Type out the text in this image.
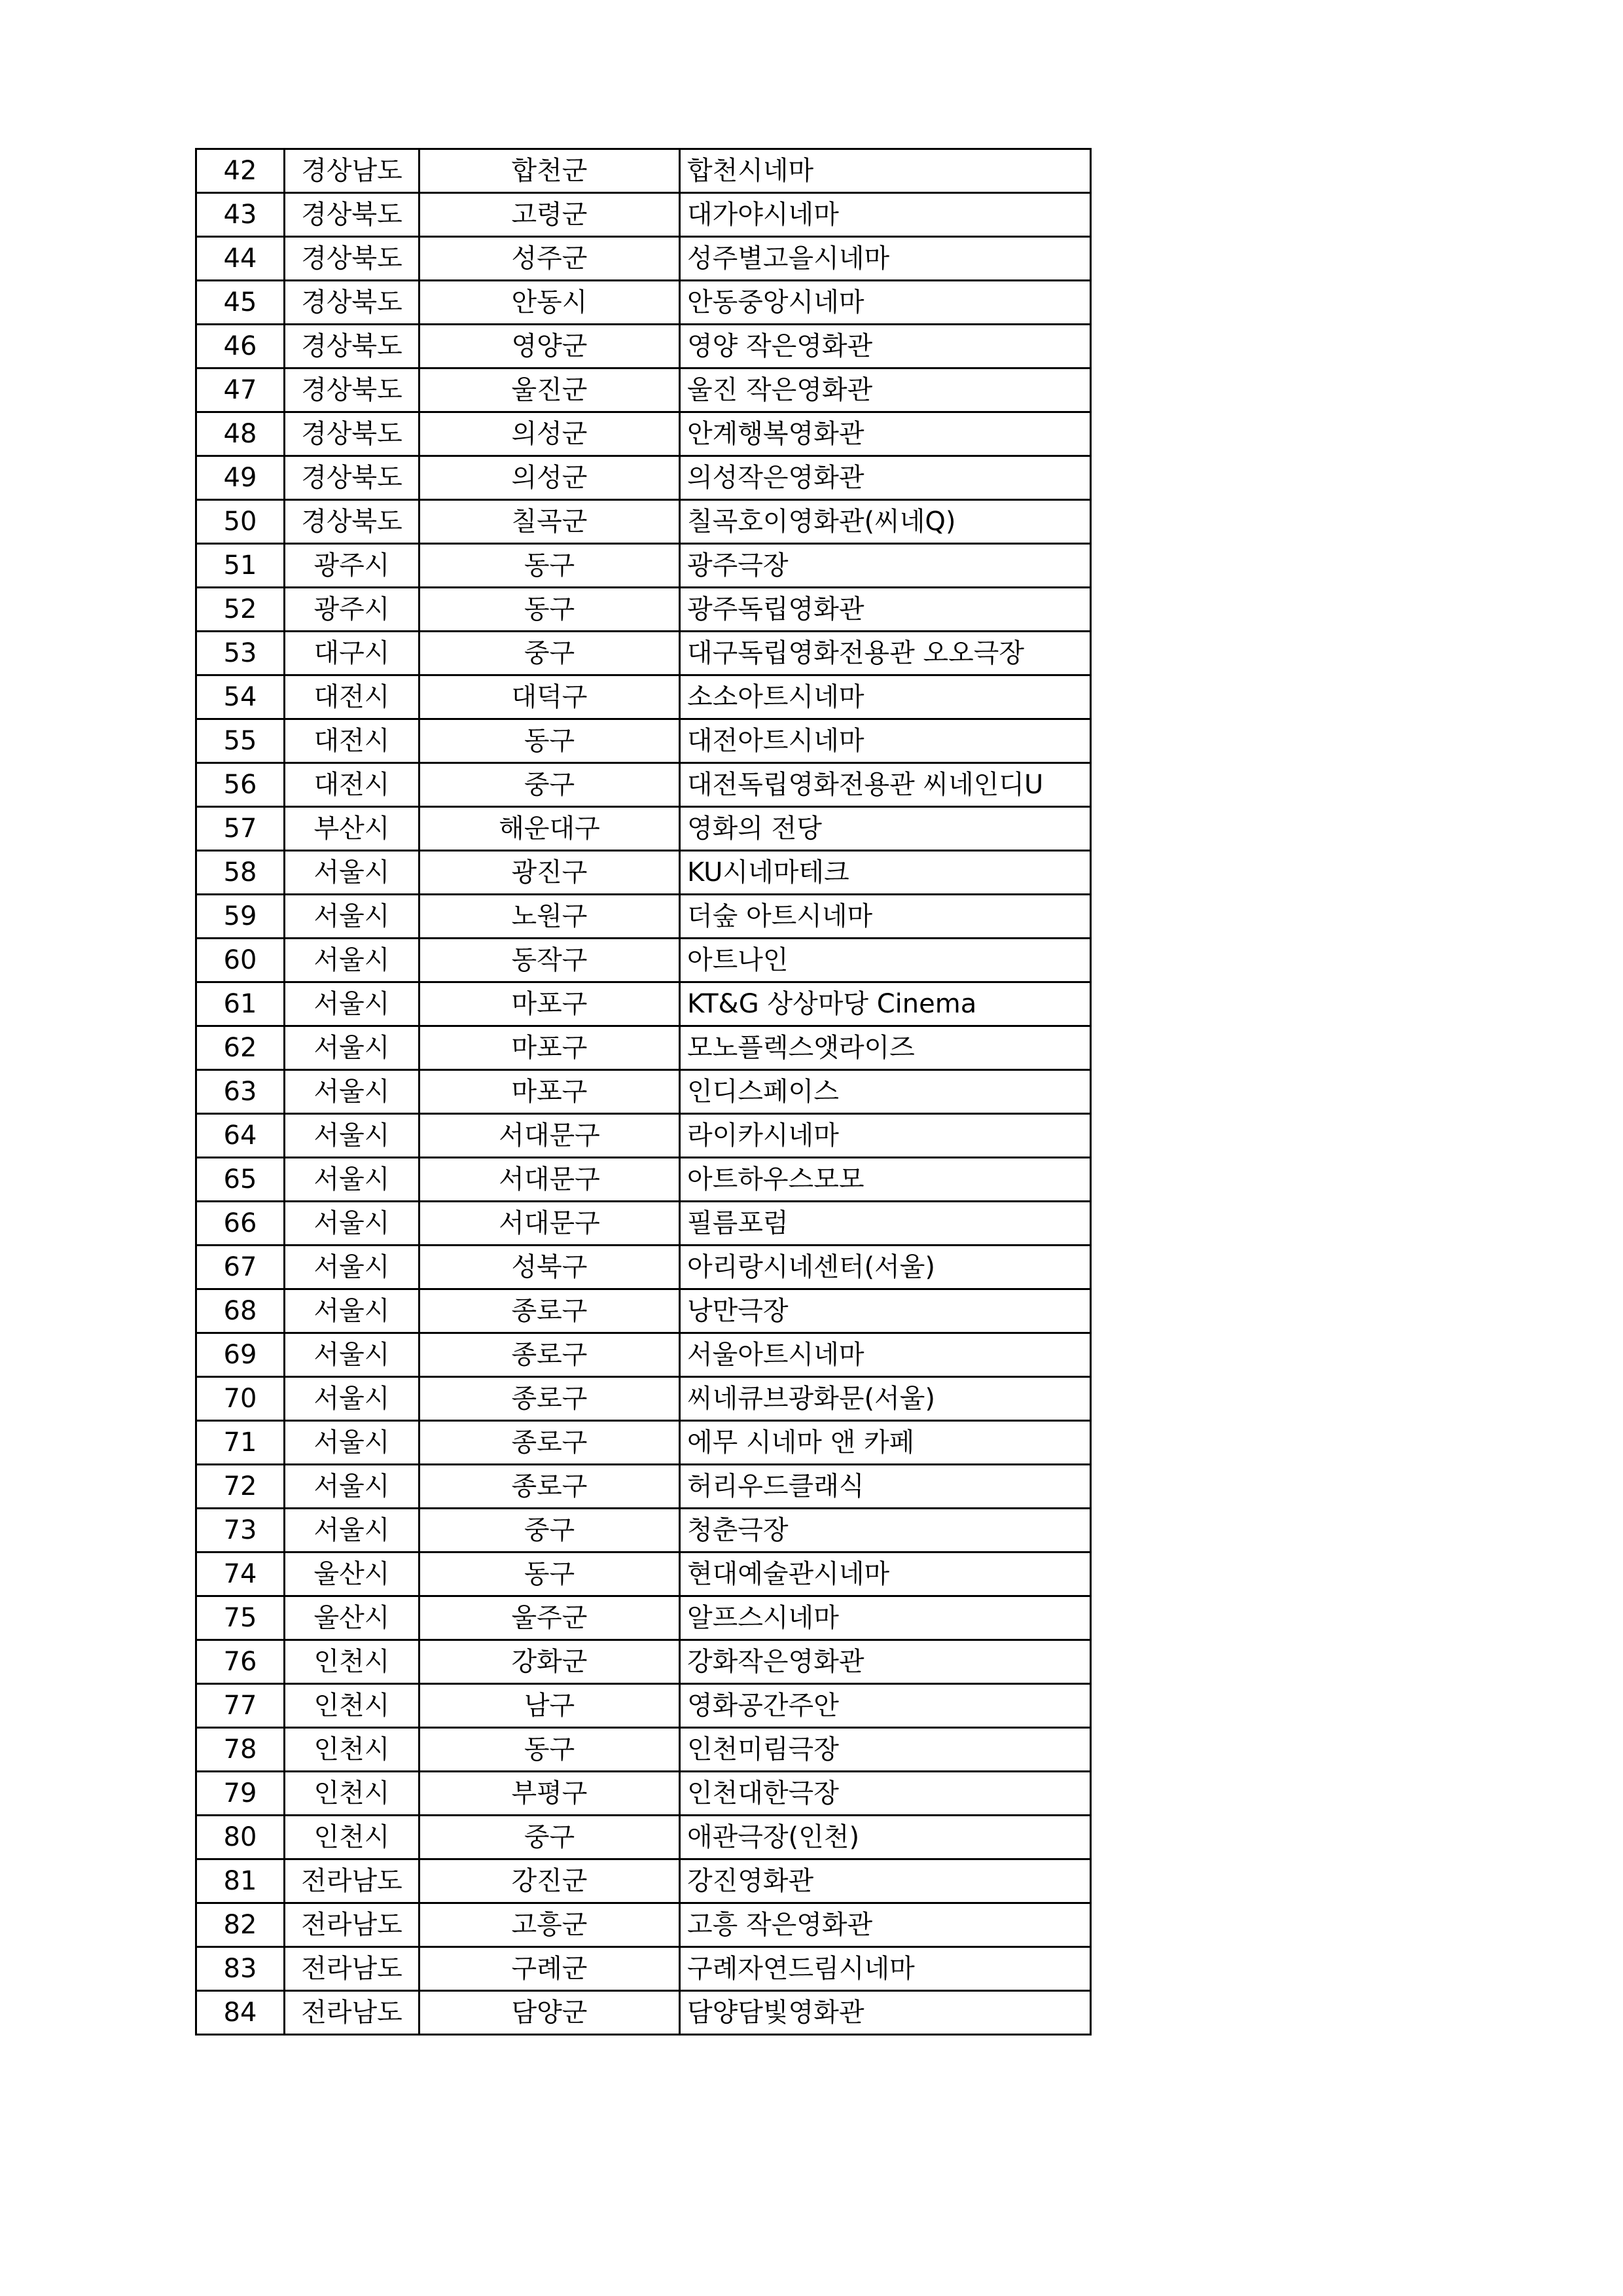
42	경상남도	합천군	합천시네마
43	경상북도	고령군	대가야시네마
44	경상북도	성주군	성주별고을시네마
45	경상북도	안동시	안동중앙시네마
46	경상북도	영양군	영양 작은영화관
47	경상북도	울진군	울진 작은영화관
48	경상북도	의성군	안계행복영화관
49	경상북도	의성군	의성작은영화관
50	경상북도	칠곡군	칠곡호이영화관(씨네Q)
51	광주시	동구	광주극장
52	광주시	동구	광주독립영화관
53	대구시	중구	대구독립영화전용관 오오극장
54	대전시	대덕구	소소아트시네마
55	대전시	동구	대전아트시네마
56	대전시	중구	대전독립영화전용관 씨네인디U
57	부산시	해운대구	영화의 전당
58	서울시	광진구	KU시네마테크
59	서울시	노원구	더숲 아트시네마
60	서울시	동작구	아트나인
61	서울시	마포구	KT&G 상상마당 Cinema
62	서울시	마포구	모노플렉스앳라이즈
63	서울시	마포구	인디스페이스
64	서울시	서대문구	라이카시네마
65	서울시	서대문구	아트하우스모모
66	서울시	서대문구	필름포럼
67	서울시	성북구	아리랑시네센터(서울)
68	서울시	종로구	낭만극장
69	서울시	종로구	서울아트시네마
70	서울시	종로구	씨네큐브광화문(서울)
71	서울시	종로구	에무 시네마 앤 카페
72	서울시	종로구	허리우드클래식
73	서울시	중구	청춘극장
74	울산시	동구	현대예술관시네마
75	울산시	울주군	알프스시네마
76	인천시	강화군	강화작은영화관
77	인천시	남구	영화공간주안
78	인천시	동구	인천미림극장
79	인천시	부평구	인천대한극장
80	인천시	중구	애관극장(인천)
81	전라남도	강진군	강진영화관
82	전라남도	고흥군	고흥 작은영화관
83	전라남도	구례군	구례자연드림시네마
84	전라남도	담양군	담양담빛영화관
